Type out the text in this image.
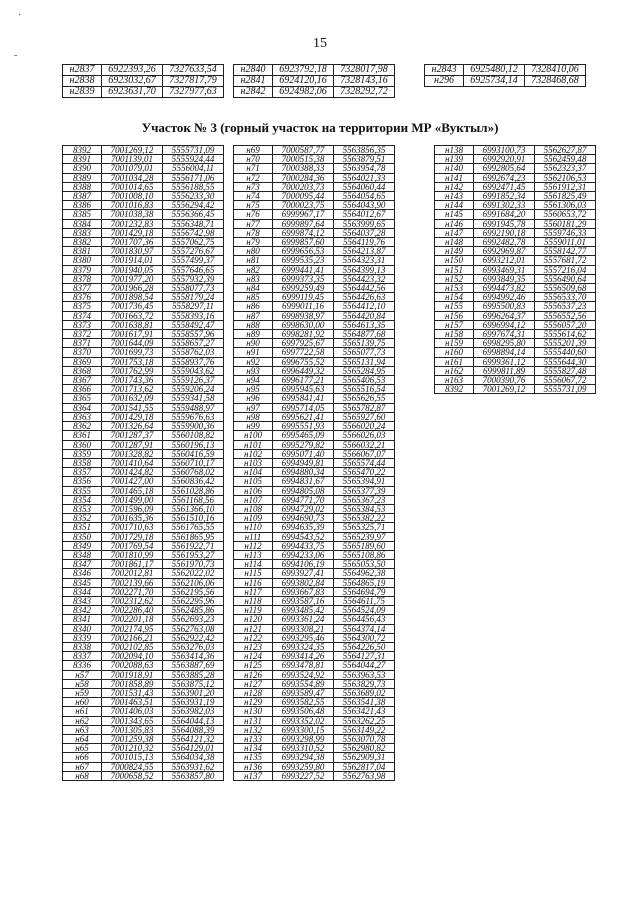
15
·
-
н2837	6922393,26	7327633,54
н2838	6923032,67	7327817,79
н2839	6923631,70	7327977,63
н2840	6923792,18	7328017,98
н2841	6924120,16	7328143,16
н2842	6924982,06	7328292,72
н2843	6925480,12	7328410,06
н296	6925734,14	7328468,68
Участок № 3 (горный участок на территории МР «Вуктыл»)
8392	7001269,12	5555731,09
8391	7001139,01	5555924,44
8390	7001079,01	5556004,11
8389	7001034,28	5556171,06
8388	7001014,65	5556188,55
8387	7001008,10	5556233,30
8386	7001016,83	5556294,42
8385	7001038,38	5556366,45
8384	7001232,83	5556348,71
8383	7001429,18	5556742,98
8382	7001707,36	5557062,75
8381	7001830,97	5557276,67
8380	7001914,01	5557499,37
8379	7001940,05	5557646,65
8378	7001977,20	5557932,39
8377	7001966,28	5558077,73
8376	7001898,54	5558179,24
8375	7001736,45	5558297,11
8374	7001663,72	5558393,16
8373	7001638,81	5558492,47
8372	7001617,91	5558557,96
8371	7001644,09	5558657,27
8370	7001699,73	5558762,03
8369	7001753,18	5558937,76
8368	7001762,99	5559043,62
8367	7001743,36	5559126,37
8366	7001713,62	5559206,24
8365	7001632,09	5559341,58
8364	7001541,55	5559488,97
8363	7001429,18	5559676,63
8362	7001326,64	5559900,36
8361	7001287,37	5560108,82
8360	7001287,91	5560196,13
8359	7001328,82	5560416,59
8358	7001410,64	5560710,17
8357	7001424,82	5560768,02
8356	7001427,00	5560836,42
8355	7001465,18	5561028,86
8354	7001499,00	5561168,56
8353	7001596,09	5561366,10
8352	7001635,36	5561510,16
8351	7001710,63	5561765,55
8350	7001729,18	5561865,95
8349	7001769,54	5561922,71
8348	7001810,99	5561953,27
8347	7001861,17	5561970,73
8346	7002012,81	5562022,02
8345	7002139,66	5562106,06
8344	7002271,70	5562195,56
8343	7002312,62	5562295,96
8342	7002286,40	5562485,86
8341	7002201,18	5562693,23
8340	7002174,95	5562763,08
8339	7002166,21	5562922,42
8338	7002102,85	5563276,03
8337	7002094,10	5563414,36
8336	7002088,63	5563887,69
н57	7001918,91	5563885,28
н58	7001858,89	5563875,12
н59	7001531,43	5563901,20
н60	7001463,51	5563931,19
н61	7001406,03	5563982,03
н62	7001343,65	5564044,13
н63	7001305,83	5564088,39
н64	7001259,38	5564121,32
н65	7001210,32	5564129,01
н66	7001015,13	5564034,38
н67	7000824,55	5563931,62
н68	7000658,52	5563857,80
н69	7000587,77	5563856,35
н70	7000515,38	5563879,51
н71	7000388,33	5563954,78
н72	7000284,36	5564021,33
н73	7000203,73	5564060,44
н74	7000095,44	5564054,65
н75	7000023,75	5564043,90
н76	6999967,17	5564012,67
н77	6999897,64	5563999,65
н78	6999874,12	5564037,28
н79	6999857,60	5564119,76
н80	6999656,53	5564213,87
н81	6999535,23	5564323,31
н82	6999441,41	5564399,13
н83	6999373,35	5564423,32
н84	6999259,49	5564442,56
н85	6999119,45	5564426,63
н86	6999011,16	5564412,10
н87	6998938,97	5564420,84
н88	6998630,00	5564613,35
н89	6998281,92	5564877,68
н90	6997925,67	5565139,75
н91	6997722,58	5565077,73
н92	6996755,52	5565131,94
н93	6996449,32	5565284,95
н94	6996177,21	5565406,53
н95	6995945,63	5565516,54
н96	6995841,41	5565626,55
н97	6995714,05	5565782,87
н98	6995621,41	5565927,60
н99	6995551,93	5566020,24
н100	6995465,09	5566026,03
н101	6995279,82	5566032,21
н102	6995071,40	5566067,07
н103	6994949,81	5565574,44
н104	6994880,34	5565470,22
н105	6994831,67	5565394,91
н106	6994805,08	5565377,39
н107	6994771,70	5565367,23
н108	6994729,02	5565384,53
н109	6994690,73	5565382,22
н110	6994635,39	5565325,71
н111	6994543,52	5565239,97
н112	6994433,75	5565189,60
н113	6994233,06	5565108,86
н114	6994106,19	5565053,50
н115	6993927,41	5564962,38
н116	6993802,84	5564865,19
н117	6993667,83	5564694,79
н118	6993587,16	5564611,75
н119	6993485,42	5564524,09
н120	6993361,24	5564456,43
н121	6993308,21	5564374,14
н122	6993295,46	5564300,72
н123	6993324,35	5564226,50
н124	6993414,26	5564127,31
н125	6993478,81	5564044,27
н126	6993524,92	5563963,53
н127	6993554,89	5563829,73
н128	6993589,47	5563689,02
н129	6993582,55	5563541,38
н130	6993506,48	5563421,43
н131	6993352,02	5563262,25
н132	6993300,15	5563149,22
н133	6993298,99	5563070,78
н134	6993310,52	5562980,82
н135	6993294,38	5562909,31
н136	6993259,80	5562817,04
н137	6993227,52	5562763,98
н138	6993100,73	5562627,87
н139	6992920,91	5562459,48
н140	6992805,64	5562323,37
н141	6992674,23	5562106,53
н142	6992471,45	5561912,31
н143	6991852,34	5561825,49
н144	6991302,33	5561306,03
н145	6991684,20	5560653,72
н146	6991945,78	5560181,29
н147	6992190,18	5559746,33
н148	6992482,78	5559011,01
н149	6992969,87	5558142,77
н150	6993212,01	5557681,72
н151	6993469,31	5557216,04
н152	6993849,35	5556490,64
н153	6994473,82	5556509,68
н154	6994992,46	5556533,70
н155	6995500,83	5556537,23
н156	6996264,37	5556552,56
н157	6996994,12	5556057,20
н158	6997674,31	5555614,62
н159	6998295,80	5555201,39
н160	6998894,14	5555440,60
н161	6999361,12	5555644,30
н162	6999811,89	5555827,48
н163	7000390,76	5556067,72
8392	7001269,12	5555731,09
